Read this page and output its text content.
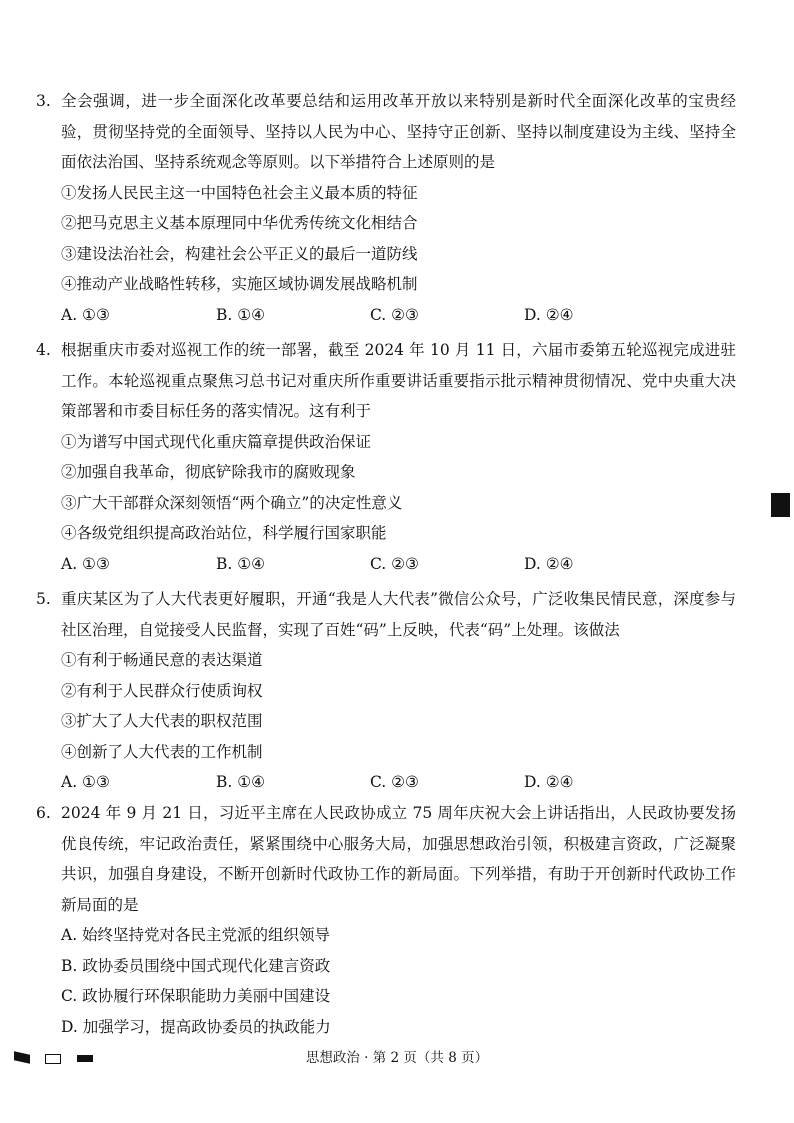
3. 全会强调，进一步全面深化改革要总结和运用改革开放以来特别是新时代全面深化改革的宝贵经验，贯彻坚持党的全面领导、坚持以人民为中心、坚持守正创新、坚持以制度建设为主线、坚持全面依法治国、坚持系统观念等原则。以下举措符合上述原则的是
①发扬人民民主这一中国特色社会主义最本质的特征
②把马克思主义基本原理同中华优秀传统文化相结合
③建设法治社会，构建社会公平正义的最后一道防线
④推动产业战略性转移，实施区域协调发展战略机制
A. ①③	B. ①④	C. ②③	D. ②④
4. 根据重庆市委对巡视工作的统一部署，截至 2024 年 10 月 11 日，六届市委第五轮巡视完成进驻工作。本轮巡视重点聚焦习总书记对重庆所作重要讲话重要指示批示精神贯彻情况、党中央重大决策部署和市委目标任务的落实情况。这有利于
①为谱写中国式现代化重庆篇章提供政治保证
②加强自我革命，彻底铲除我市的腐败现象
③广大干部群众深刻领悟“两个确立”的决定性意义
④各级党组织提高政治站位，科学履行国家职能
A. ①③	B. ①④	C. ②③	D. ②④
5. 重庆某区为了人大代表更好履职，开通“我是人大代表”微信公众号，广泛收集民情民意，深度参与社区治理，自觉接受人民监督，实现了百姓“码”上反映，代表“码”上处理。该做法
①有利于畅通民意的表达渠道
②有利于人民群众行使质询权
③扩大了人大代表的职权范围
④创新了人大代表的工作机制
A. ①③	B. ①④	C. ②③	D. ②④
6. 2024 年 9 月 21 日，习近平主席在人民政协成立 75 周年庆祝大会上讲话指出，人民政协要发扬优良传统，牢记政治责任，紧紧围绕中心服务大局，加强思想政治引领，积极建言资政，广泛凝聚共识，加强自身建设，不断开创新时代政协工作的新局面。下列举措，有助于开创新时代政协工作新局面的是
A. 始终坚持党对各民主党派的组织领导
B. 政协委员围绕中国式现代化建言资政
C. 政协履行环保职能助力美丽中国建设
D. 加强学习，提高政协委员的执政能力
思想政治 · 第 2 页（共 8 页）
